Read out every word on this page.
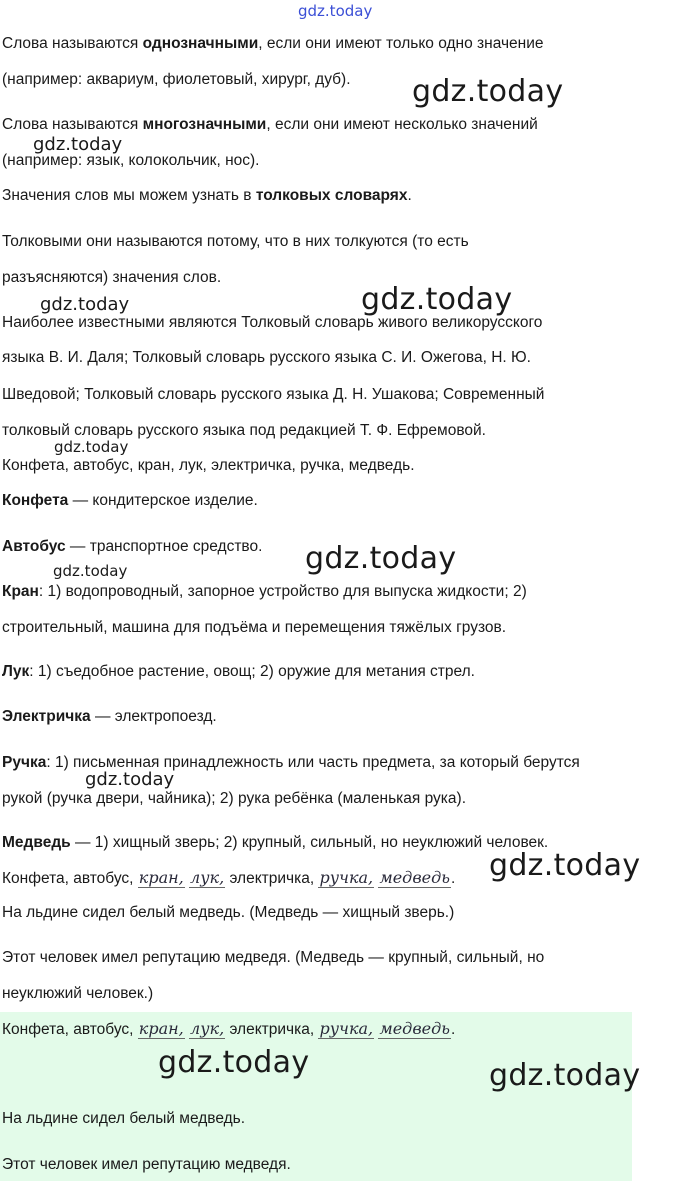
Слова называются однозначными, если они имеют только одно значение
(например: аквариум, фиолетовый, хирург, дуб).
Слова называются многозначными, если они имеют несколько значений
(например: язык, колокольчик, нос).
Значения слов мы можем узнать в толковых словарях.
Толковыми они называются потому, что в них толкуются (то есть
разъясняются) значения слов.
Наиболее известными являются Толковый словарь живого великорусского
языка В. И. Даля; Толковый словарь русского языка С. И. Ожегова, Н. Ю.
Шведовой; Толковый словарь русского языка Д. Н. Ушакова; Современный
толковый словарь русского языка под редакцией Т. Ф. Ефремовой.
Конфета, автобус, кран, лук, электричка, ручка, медведь.
Конфета — кондитерское изделие.
Автобус — транспортное средство.
Кран: 1) водопроводный, запорное устройство для выпуска жидкости; 2)
строительный, машина для подъёма и перемещения тяжёлых грузов.
Лук: 1) съедобное растение, овощ; 2) оружие для метания стрел.
Электричка — электропоезд.
Ручка: 1) письменная принадлежность или часть предмета, за который берутся
рукой (ручка двери, чайника); 2) рука ребёнка (маленькая рука).
Медведь — 1) хищный зверь; 2) крупный, сильный, но неуклюжий человек.
Конфета, автобус, кран, лук, электричка, ручка, медведь.
На льдине сидел белый медведь. (Медведь — хищный зверь.)
Этот человек имел репутацию медведя. (Медведь — крупный, сильный, но
неуклюжий человек.)
Конфета, автобус, кран, лук, электричка, ручка, медведь.
На льдине сидел белый медведь.
Этот человек имел репутацию медведя.
gdz.today
gdz.today
gdz.today
gdz.today
gdz.today
gdz.today
gdz.today
gdz.today
gdz.today
gdz.today
gdz.today	gdz.today
